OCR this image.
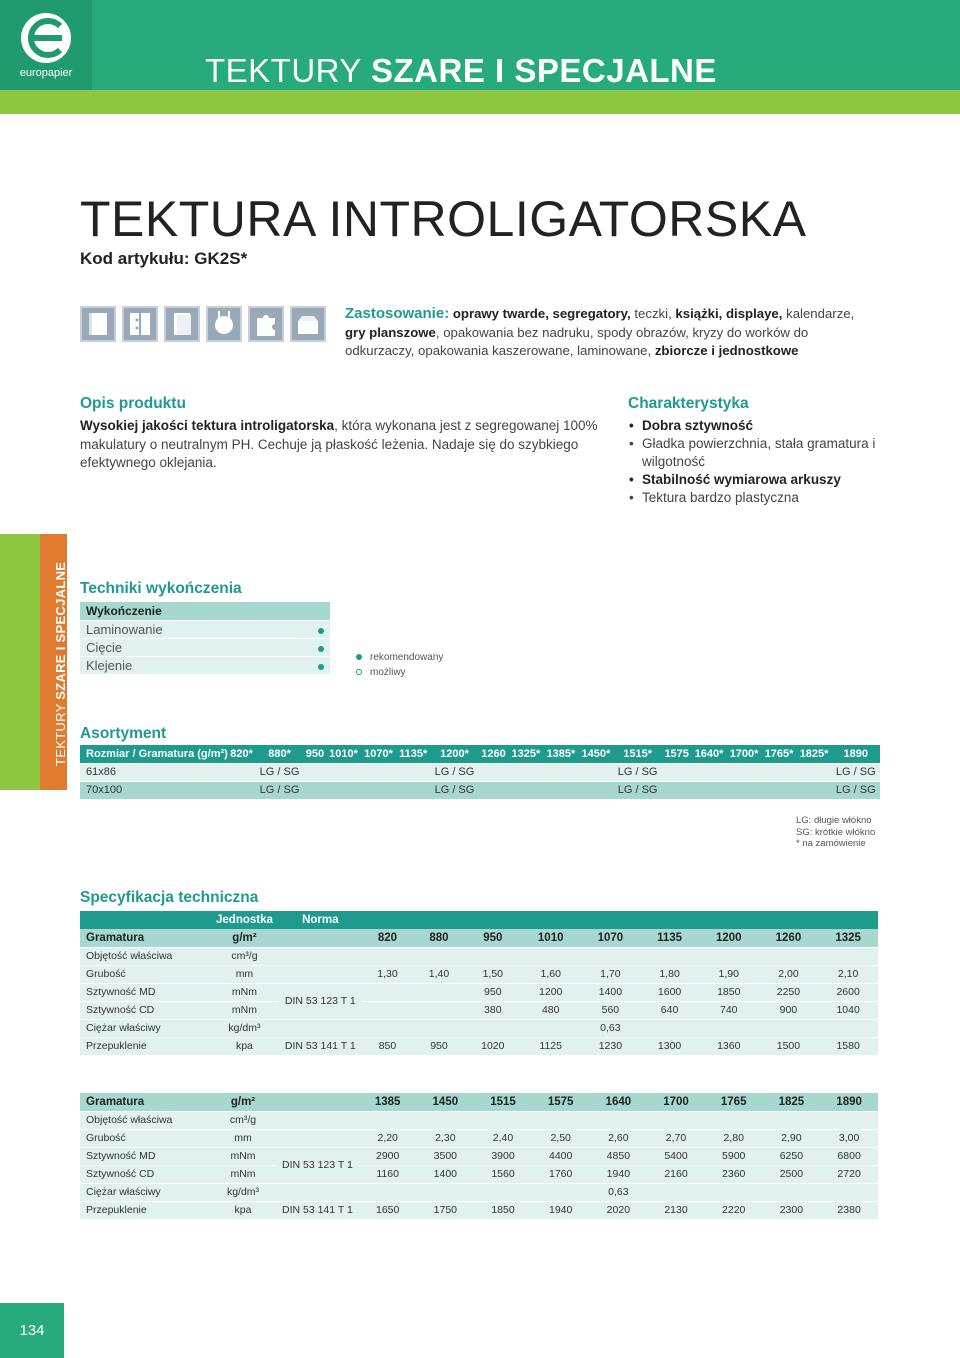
europapier	TEKTURY SZARE I SPECJALNE
TEKTURA INTROLIGATORSKA
Kod artykułu: GK2S*
Zastosowanie: oprawy twarde, segregatory, teczki, książki, displaye, kalendarze, gry planszowe, opakowania bez nadruku, spody obrazów, kryzy do worków do odkurzaczy, opakowania kaszerowane, laminowane, zbiorcze i jednostkowe
Opis produktu

Wysokiej jakości tektura introligatorska, która wykonana jest z segregowanej 100% makulatury o neutralnym PH. Cechuje ją płaskość leżenia. Nadaje się do szybkiego efektywnego oklejania.

Charakterystyka
• Dobra sztywność
• Gładka powierzchnia, stała gramatura i wilgotność
• Stabilność wymiarowa arkuszy
• Tektura bardzo plastyczna
TEKTURY SZARE I SPECJALNE Techniki wykończenia
Wykończenie	
Laminowanie	
Cięcie	
Klejenie	
rekomendowany
możliwy
Asortyment
Rozmiar / Gramatura (g/m²)	820*	880*	950	1010*	1070*	1135*	1200*	1260	1325*	1385*	1450*	1515*	1575	1640*	1700*	1765*	1825*	1890
61x86		LG / SG					LG / SG					LG / SG						LG / SG
70x100		LG / SG					LG / SG					LG / SG						LG / SG
LG: długie włókno
SG: krótkie włókno
* na zamówienie
Specyfikacja techniczna
	Jednostka	Norma									
Gramatura	g/m²		820	880	950	1010	1070	1135	1200	1260	1325
Objętość właściwa	cm³/g										
Grubość	mm		1,30	1,40	1,50	1,60	1,70	1,80	1,90	2,00	2,10
Sztywność MD	mNm	DIN 53 123 T 1			950	1200	1400	1600	1850	2250	2600
Sztywność CD	mNm				380	480	560	640	740	900	1040
Ciężar właściwy	kg/dm³						0,63				
Przepuklenie	kpa	DIN 53 141 T 1	850	950	1020	1125	1230	1300	1360	1500	1580
Gramatura	g/m²		1385	1450	1515	1575	1640	1700	1765	1825	1890
Objętość właściwa	cm³/g										
Grubość	mm		2,20	2,30	2,40	2,50	2,60	2,70	2,80	2,90	3,00
Sztywność MD	mNm	DIN 53 123 T 1	2900	3500	3900	4400	4850	5400	5900	6250	6800
Sztywność CD	mNm		1160	1400	1560	1760	1940	2160	2360	2500	2720
Ciężar właściwy	kg/dm³						0,63				
Przepuklenie	kpa	DIN 53 141 T 1	1650	1750	1850	1940	2020	2130	2220	2300	2380
134
